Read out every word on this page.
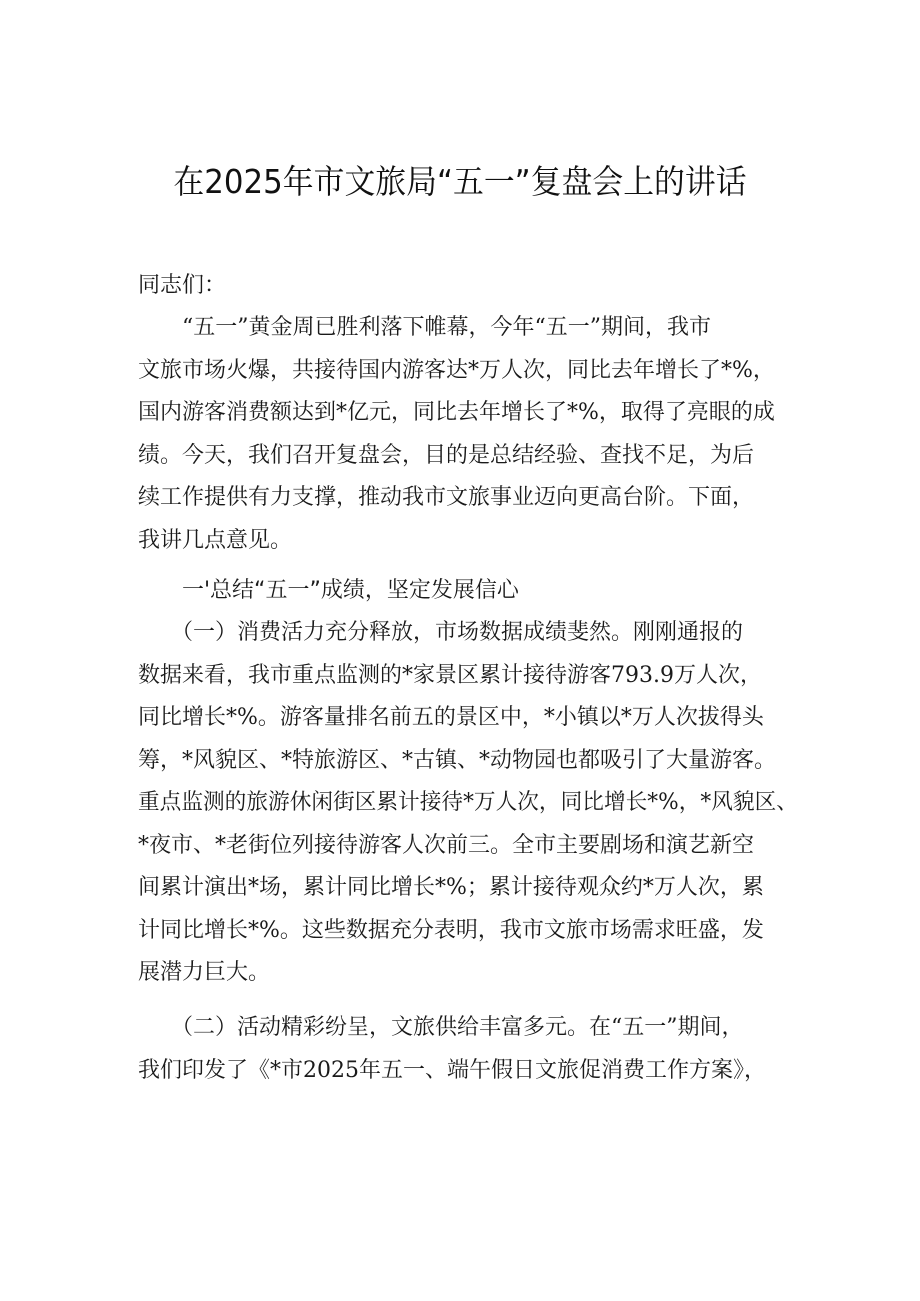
在2025年市文旅局“五一”复盘会上的讲话
同志们：
　　“五一”黄金周已胜利落下帷幕，今年“五一”期间，我市
文旅市场火爆，共接待国内游客达*万人次，同比去年增长了*%，
国内游客消费额达到*亿元，同比去年增长了*%，取得了亮眼的成
绩。今天，我们召开复盘会，目的是总结经验、查找不足，为后
续工作提供有力支撑，推动我市文旅事业迈向更高台阶。下面，
我讲几点意见。
　　一'总结“五一”成绩，坚定发展信心
　　（一）消费活力充分释放，市场数据成绩斐然。刚刚通报的
数据来看，我市重点监测的*家景区累计接待游客793.9万人次，
同比增长*%。游客量排名前五的景区中，*小镇以*万人次拔得头
筹，*风貌区、*特旅游区、*古镇、*动物园也都吸引了大量游客。
重点监测的旅游休闲街区累计接待*万人次，同比增长*%，*风貌区、
*夜市、*老街位列接待游客人次前三。全市主要剧场和演艺新空
间累计演出*场，累计同比增长*%；累计接待观众约*万人次，累
计同比增长*%。这些数据充分表明，我市文旅市场需求旺盛，发
展潜力巨大。
　　（二）活动精彩纷呈，文旅供给丰富多元。在“五一”期间，
我们印发了《*市2025年五一、端午假日文旅促消费工作方案》，
